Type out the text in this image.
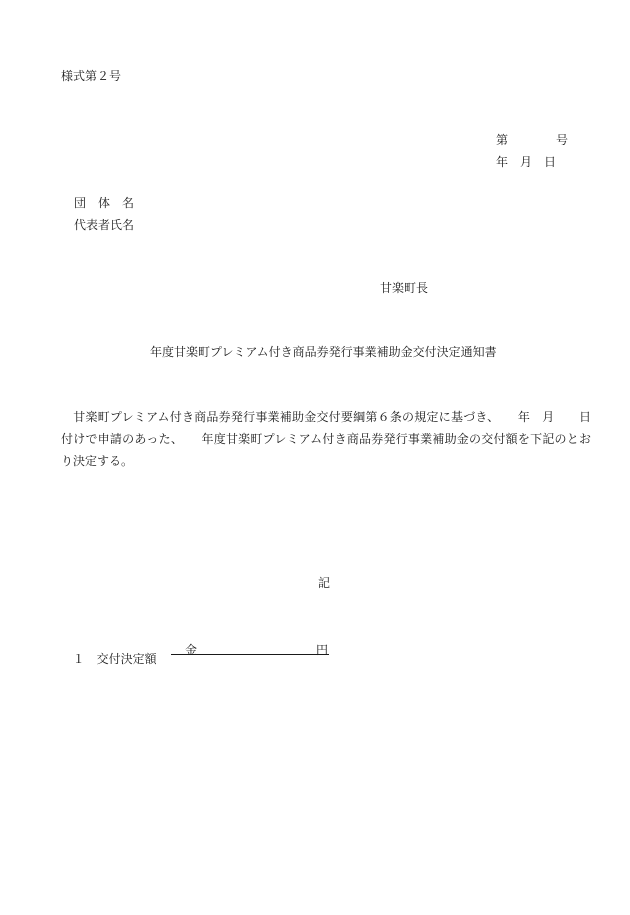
様式第２号
第　　　　号
年　月　日
団　体　名
代表者氏名
甘楽町長
年度甘楽町プレミアム付き商品券発行事業補助金交付決定通知書
　甘楽町プレミアム付き商品券発行事業補助金交付要綱第６条の規定に基づき、　　年　月　　日付けで申請のあった、　　年度甘楽町プレミアム付き商品券発行事業補助金の交付額を下記のとおり決定する。
記

１　 交付決定額

金	円
